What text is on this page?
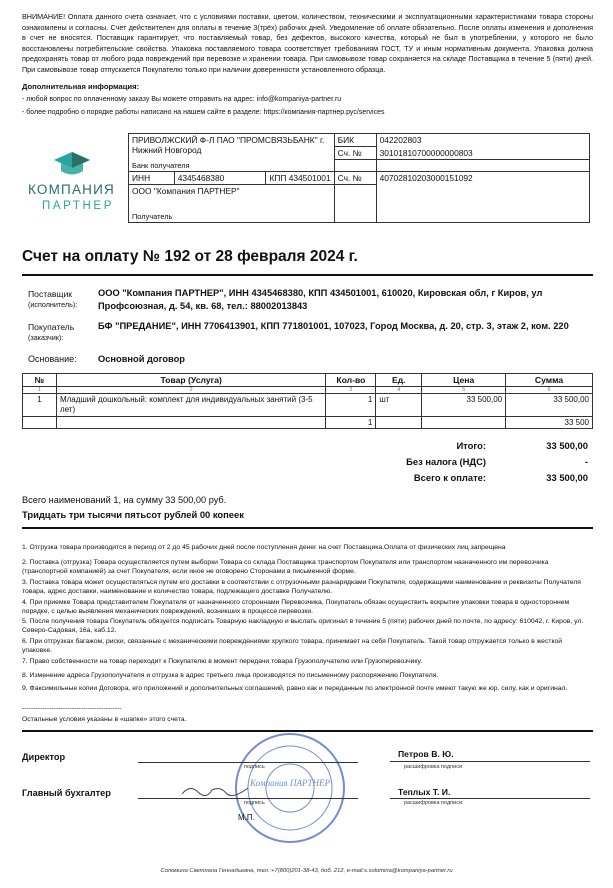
ВНИМАНИЕ! Оплата данного счета означает, что с условиями поставки, цветом, количеством, техническими и эксплуатационными характеристиками товара стороны ознакомлены и согласны. Счет действителен для оплаты в течение 3(трёх) рабочих дней. Уведомление об оплате обязательно. После оплаты изменения и дополнения в счет не вносятся. Поставщик гарантирует, что поставляемый товар, без дефектов, высокого качества, который не был в употреблении, у которого не было восстановлены потребительские свойства. Упаковка поставляемого товара соответствует требованиям ГОСТ, ТУ и иным нормативным документа. Упаковка должна предохранять товар от любого рода повреждений при перевозке и хранении товара. При самовывозе товар сохраняется на складе Поставщика в течение 5 (пяти) дней. При самовывозе товар отпускается Покупателю только при наличии доверенности установленного образца.
Дополнительная информация:
- любой вопрос по оплаченному заказу Вы можете отправить на адрес: info@kompaniya-partner.ru
- более подробно о порядке работы написано на нашем сайте в разделе: https://компания-партнер.рус/services
КОМПАНИЯ
ПАРТНЕР
ПРИВОЛЖСКИЙ Ф-Л ПАО "ПРОМСВЯЗЬБАНК" г. Нижний Новгород			БИК	042202803
			Сч. №	30101810700000000803
Банк получателя				
ИНН	4345468380	КПП 434501001	Сч. №	40702810203000151092
ООО "Компания ПАРТНЕР"				
Получатель				
Счет на оплату № 192 от 28 февраля 2024 г.
Поставщик
(исполнитель):
ООО "Компания ПАРТНЕР", ИНН 4345468380, КПП 434501001, 610020, Кировская обл, г Киров, ул Профсоюзная, д. 54, кв. 68, тел.: 88002013843
Покупатель
(заказчик):
БФ "ПРЕДАНИЕ", ИНН 7706413901, КПП 771801001, 107023, Город Москва, д. 20, стр. 3, этаж 2, ком. 220
Основание: Основной договор
№	Товар (Услуга)	Кол-во	Ед.	Цена	Сумма
1	2	3	4	5	6
1	Младший дошкольный: комплект для индивидуальных занятий (3-5 лет)	1	шт	33 500,00	33 500,00
		1			33 500
Итого:	33 500,00
Без налога (НДС)	-
Всего к оплате:	33 500,00
Всего наименований 1, на сумму 33 500,00 руб.
Тридцать три тысячи пятьсот рублей 00 копеек
1. Отгрузка товара производится в период от 2 до 45 рабочих дней после поступления денег на счет Поставщика.Оплата от физических лиц запрещена
2. Поставка (отгрузка) Товара осуществляется путем выборки Товара со склада Поставщика транспортом Покупателя или транспортом назначенного им перевозчика (транспортной компанией) за счет Покупателя, если иное не оговорено Сторонами в письменной форме.
3. Поставка товара может осуществляться путем его доставки в соответствии с отгрузочными разнарядками Покупателя, содержащими наименование и реквизиты Получателя товара, адрес доставки, наименование и количество товара, подлежащего доставке Получателю.
4. При приемке Товара представителем Покупателя от назначенного стороннами Перевозчика, Покупатель обязан осуществить вскрытие упаковки товара в одностороннем порядке, с целью выявления механических повреждений, возникших в процессе перевозки.
5. После получения товара Покупатель обязуется подписать Товарную накладную и выслать оригинал в течение 5 (пяти) рабочих дней по почте, по адресу: 610042, г. Киров, ул. Северо-Садовая, 16а, каб.12.
6. При отгрузках багажом, риски, связанные с механическими повреждениями хрупкого товара, принимает на себя Покупатель. Такой товар отгружается только в жесткой упаковке.
7. Право собственности на товар переходит к Покупателю в момент передачи товара Грузополучателю или Грузоперевозчику.
8. Изменение адреса Грузополучателя и отгрузка в адрес третьего лица производятся по письменному распоряжению Покупателя.
9. Факсимильные копии Договора, его приложений и дополнительных соглашений, равно как и переданные по электронной почте имеют такую же юр. силу, как и оригинал.
--------------------------------------------
Остальные условия указаны в «шапке» этого счета.
Компания ПАРТНЕР
Директор
подпись
Петров В. Ю.
расшифровка подписи
Главный бухгалтер
подпись
Теплых Т. И.
расшифровка подписи
М.П.
Соломина Светлана Геннадьевна, тел.:+7(800)201-38-43, доб. 212, e-mail:s.solomina@kompaniya-partner.ru
